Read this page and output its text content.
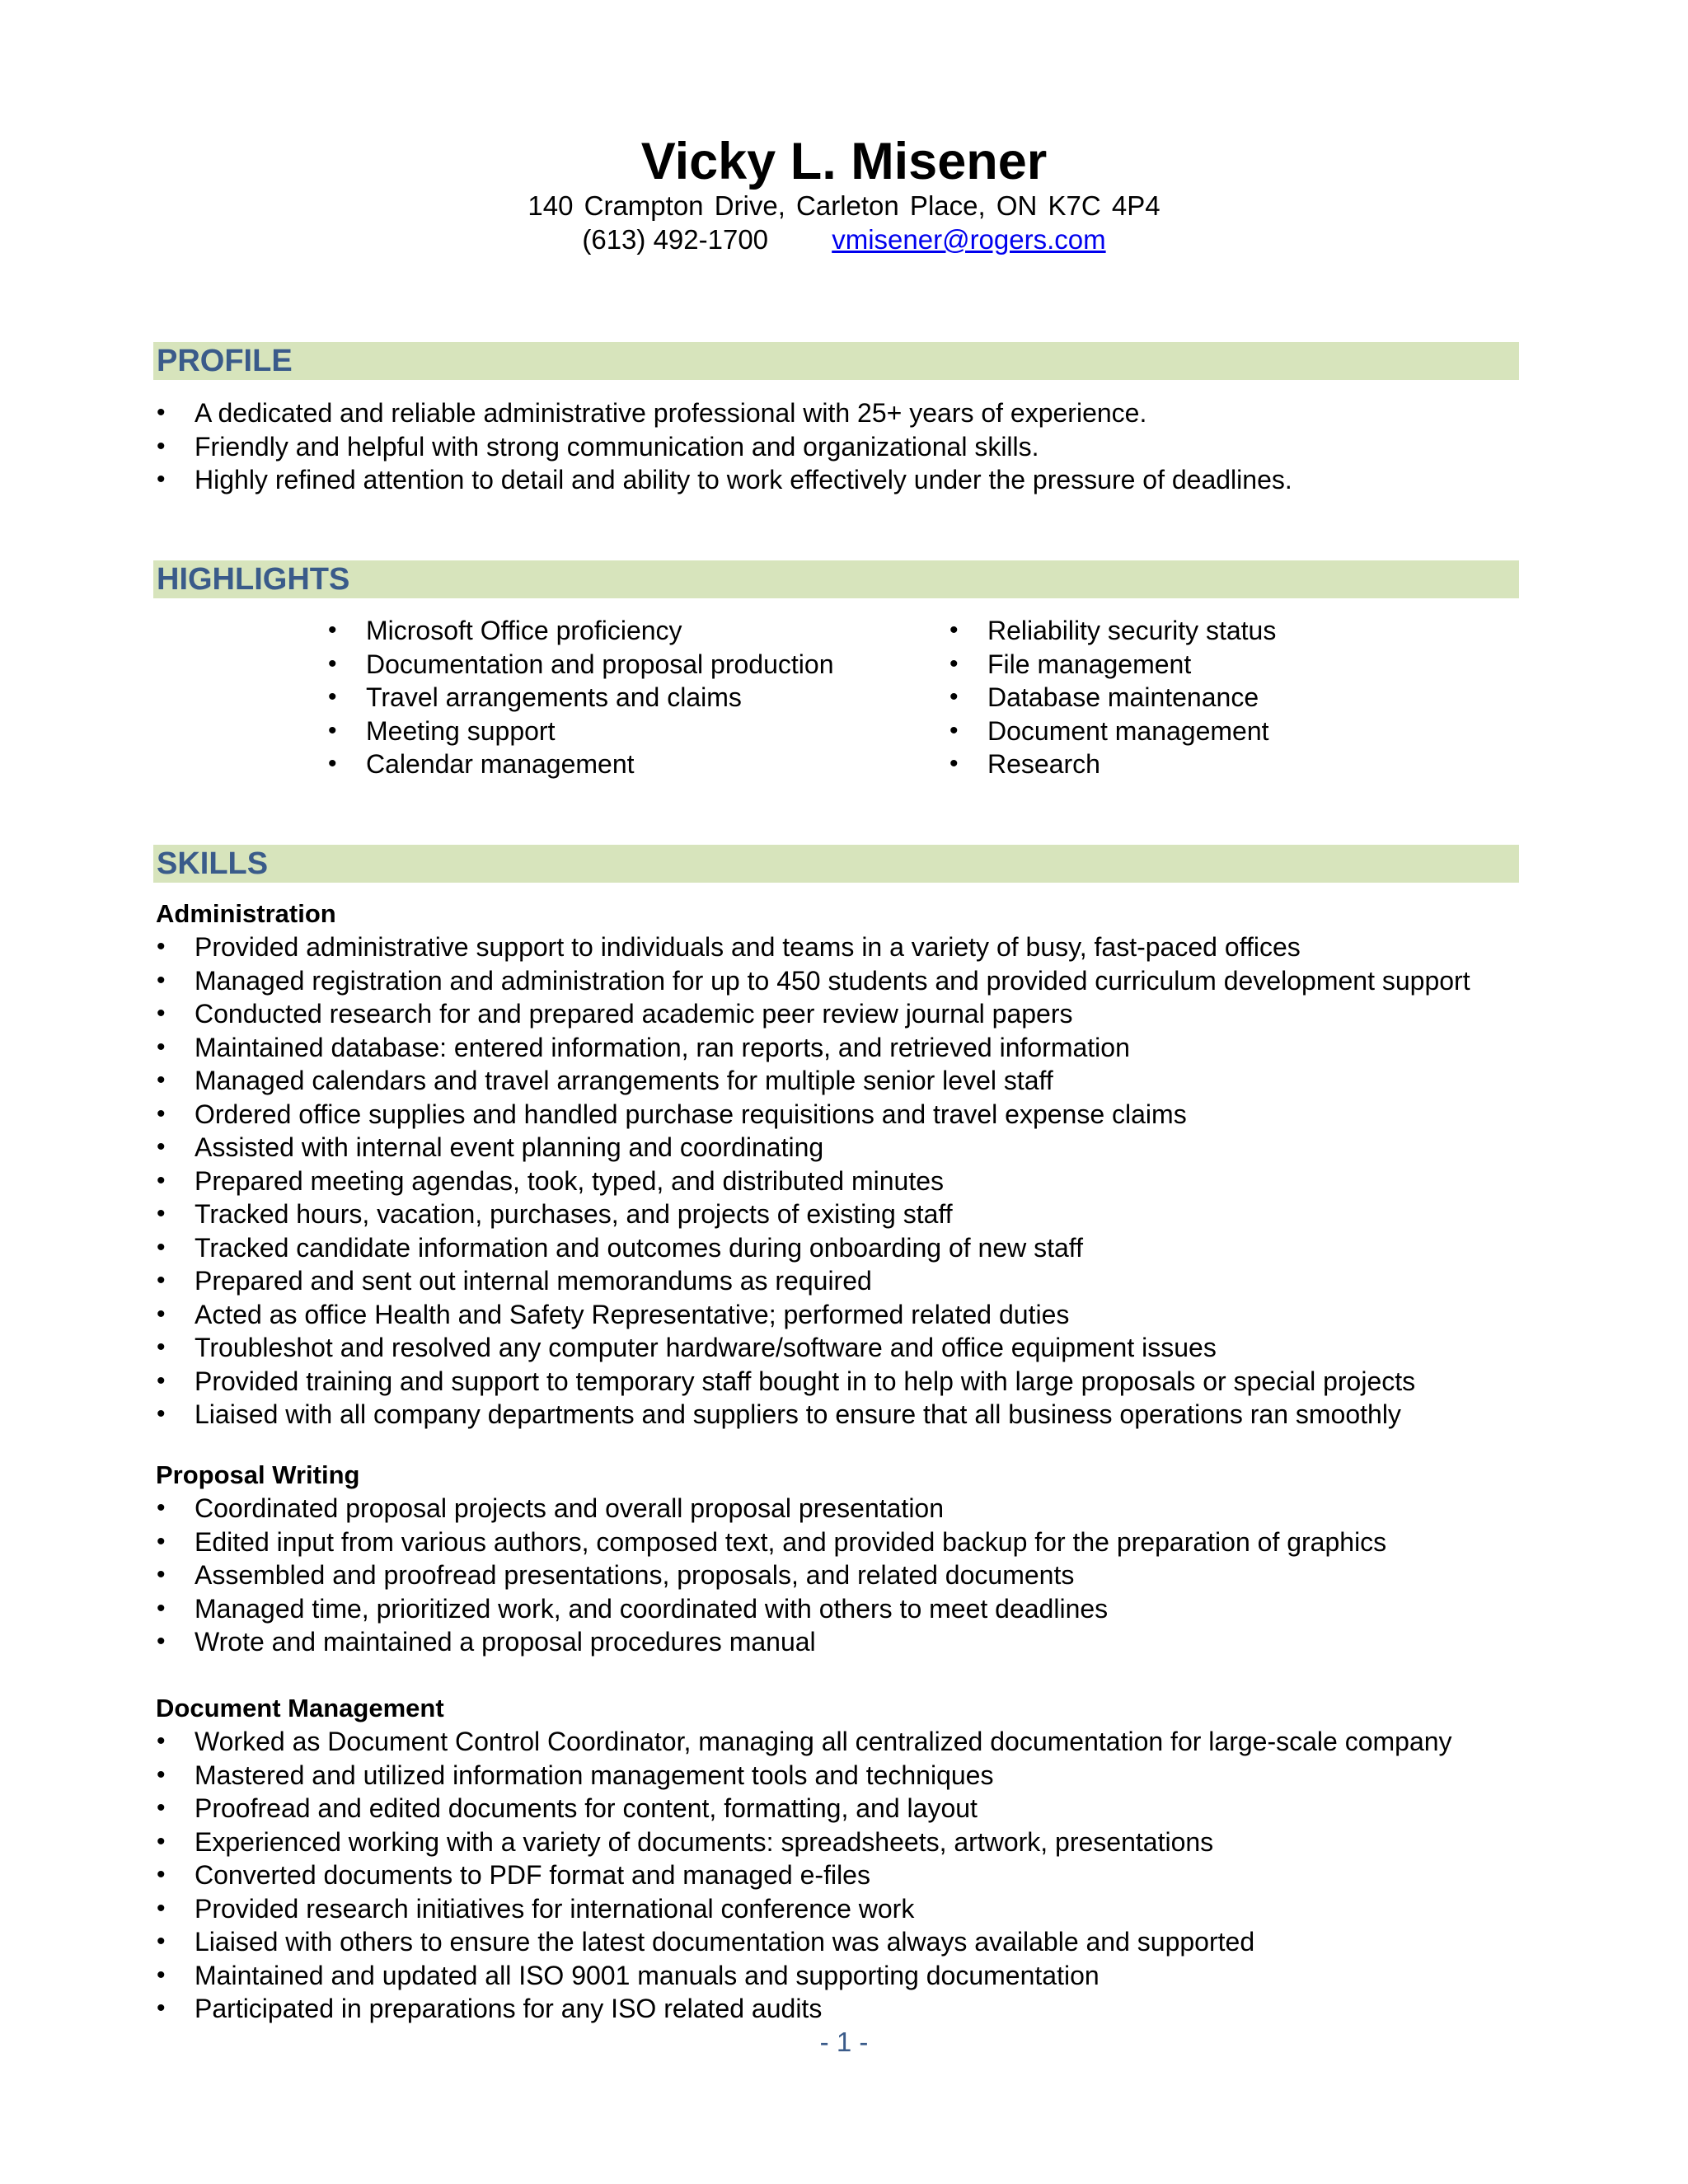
Vicky L. Misener
140 Crampton Drive, Carleton Place, ON K7C 4P4
(613) 492-1700 vmisener@rogers.com
PROFILE
• A dedicated and reliable administrative professional with 25+ years of experience.
• Friendly and helpful with strong communication and organizational skills.
• Highly refined attention to detail and ability to work effectively under the pressure of deadlines.
HIGHLIGHTS
• Microsoft Office proficiency
• Documentation and proposal production
• Travel arrangements and claims
• Meeting support
• Calendar management
• Reliability security status
• File management
• Database maintenance
• Document management
• Research
SKILLS
Administration
• Provided administrative support to individuals and teams in a variety of busy, fast-paced offices
• Managed registration and administration for up to 450 students and provided curriculum development support
• Conducted research for and prepared academic peer review journal papers
• Maintained database: entered information, ran reports, and retrieved information
• Managed calendars and travel arrangements for multiple senior level staff
• Ordered office supplies and handled purchase requisitions and travel expense claims
• Assisted with internal event planning and coordinating
• Prepared meeting agendas, took, typed, and distributed minutes
• Tracked hours, vacation, purchases, and projects of existing staff
• Tracked candidate information and outcomes during onboarding of new staff
• Prepared and sent out internal memorandums as required
• Acted as office Health and Safety Representative; performed related duties
• Troubleshot and resolved any computer hardware/software and office equipment issues
• Provided training and support to temporary staff bought in to help with large proposals or special projects
• Liaised with all company departments and suppliers to ensure that all business operations ran smoothly
Proposal Writing
• Coordinated proposal projects and overall proposal presentation
• Edited input from various authors, composed text, and provided backup for the preparation of graphics
• Assembled and proofread presentations, proposals, and related documents
• Managed time, prioritized work, and coordinated with others to meet deadlines
• Wrote and maintained a proposal procedures manual
Document Management
• Worked as Document Control Coordinator, managing all centralized documentation for large-scale company
• Mastered and utilized information management tools and techniques
• Proofread and edited documents for content, formatting, and layout
• Experienced working with a variety of documents: spreadsheets, artwork, presentations
• Converted documents to PDF format and managed e-files
• Provided research initiatives for international conference work
• Liaised with others to ensure the latest documentation was always available and supported
• Maintained and updated all ISO 9001 manuals and supporting documentation
• Participated in preparations for any ISO related audits
- 1 -
